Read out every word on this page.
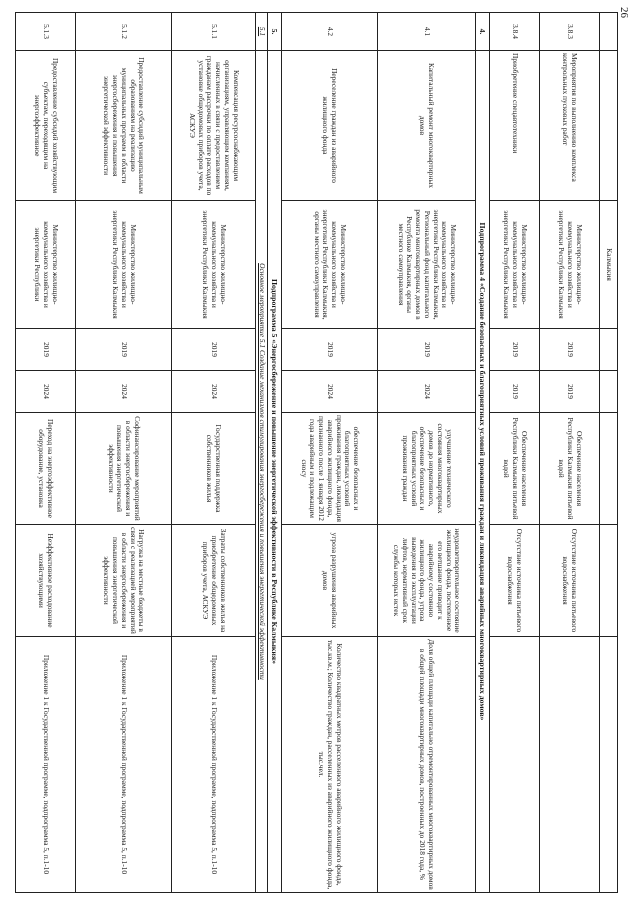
26
		Калмыкия					
3.8.3	Мероприятия по выполнению комплекса контрольных пусковых работ	Министерство жилищно-коммунального хозяйства и энергетики Республики Калмыкия	2019	2019	Обеспечение населения Республики Калмыкия питьевой водой	Отсутствие источника питьевого водоснабжения	
3.8.4	Приобретение спецавтотехники	Министерство жилищно-коммунального хозяйства и энергетики Республики Калмыкия	2019	2019	Обеспечение населения Республики Калмыкия питьевой водой	Отсутствие источника питьевого водоснабжения	
4.	Подпрограмма 4 «Создание безопасных и благоприятных условий проживания граждан и ликвидация аварийных многоквартирных домов»						
4.1	Капитальный ремонт многоквартирных домов	Министерство жилищно-коммунального хозяйства и энергетики Республики Калмыкия, Региональный фонд капитального ремонта многоквартирных домов в Республике Калмыкия, органы местного самоуправления	2019	2024	улучшение технического состояния многоквартирных домов до нормативного, обеспечение безопасных и благоприятных условий проживания граждан	неудовлетворительное состояние жилищного фонда, постепенное его ветшание приводит к аварийному состоянию жилищного фонда, угроза выведения из эксплуатации лифтов, нормативный срок службы которых истек	Доля общей площади капитально отремонтированных многоквартирных домов в общей площади многоквартирных домов, построенных до 2018 года, %
4.2	Переселение граждан из аварийного жилищного фонда	Министерство жилищно-коммунального хозяйства и энергетики Республики Калмыкия, органы местного самоуправления	2019	2024	обеспечение безопасных и благоприятных условий проживания граждан, ликвидация аварийного жилищного фонда, признанного после 1 января 2012 года аварийным и подлежащим сносу	угроза разрушения аварийных домов	Количество квадратных метров расселенного аварийного жилищного фонда, тыс.кв.м.; Количество граждан, расселенных из аварийного жилищного фонда, тыс.чел.
5.	Подпрограмма 5 «Энергосбережение и повышение энергетической эффективности в Республике Калмыкия»						
5.1	Основное мероприятие 5.1 Создание механизмов стимулирования энергосбережения и повышения энергетической эффективности						
5.1.1	Компенсация ресурсоснабжающим организациям, управляющим компаниям, начисленных в связи с предоставлением гражданам рассрочки по оплате расходов по установке общедомовых приборов учета, АСКУЭ	Министерство жилищно-коммунального хозяйства и энергетики Республики Калмыкия	2019	2024	Государственная поддержка собственников жилья	Затраты собственников жилья на приобретение общедомовых приборов учета, АСКУЭ	Приложение 1 к Государственной программе, подпрограмма 5, п.1-10
5.1.2	Предоставление субсидий муниципальным образованиям на реализацию муниципальных программ в области энергосбережения и повышения энергетической эффективности	Министерство жилищно-коммунального хозяйства и энергетики Республики Калмыкия	2019	2024	Софинансирование мероприятий в области энергосбережения и повышения энергетической эффективности	Нагрузка на местные бюджеты в связи с реализацией мероприятий в области энергосбережения и повышения энергетической эффективности	Приложение 1 к Государственной программе, подпрограмма 5, п.1-10
5.1.3	Предоставление субсидий хозяйствующим субъектам, переходящим на энергоэффективное	Министерство жилищно-коммунального хозяйства и энергетики Республики	2019	2024	Переход на энергоэффективное оборудование, установка	Неэффективное расходование хозяйствующими	Приложение 1 к Государственной программе, подпрограмма 5, п.1-10
